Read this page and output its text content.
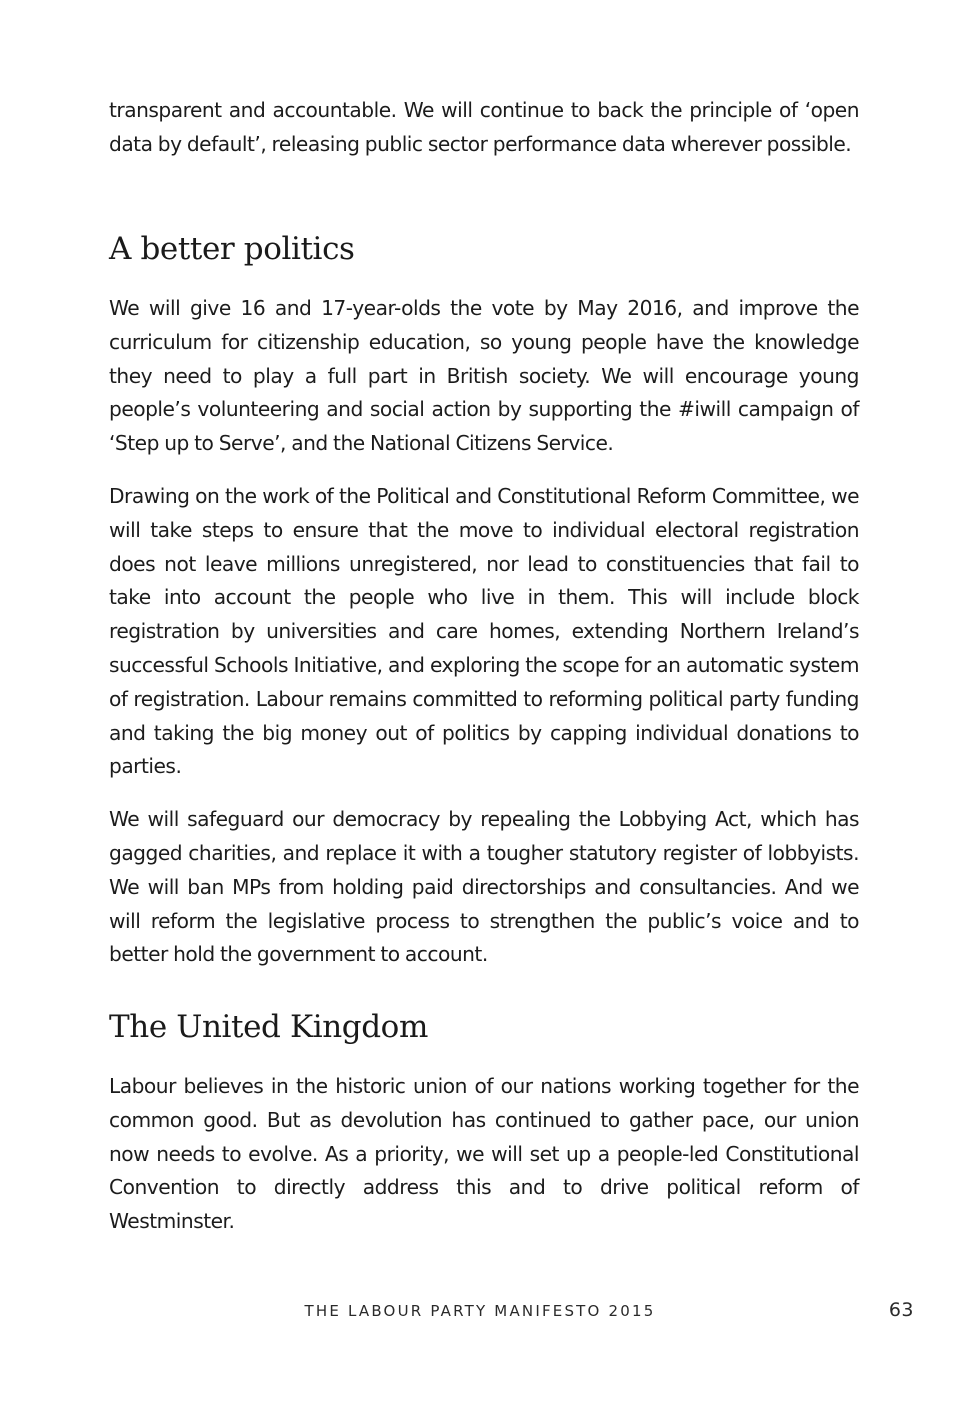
transparent and accountable. We will continue to back the principle of ‘open data by default’, releasing public sector performance data wherever possible.

A better politics

We will give 16 and 17-year-olds the vote by May 2016, and improve the curriculum for citizenship education, so young people have the knowledge they need to play a full part in British society. We will encourage young people’s volunteering and social action by supporting the #iwill campaign of ‘Step up to Serve’, and the National Citizens Service.

Drawing on the work of the Political and Constitutional Reform Committee, we will take steps to ensure that the move to individual electoral registration does not leave millions unregistered, nor lead to constituencies that fail to take into account the people who live in them. This will include block registration by universities and care homes, extending Northern Ireland’s successful Schools Initiative, and exploring the scope for an automatic system of registration. Labour remains committed to reforming political party funding and taking the big money out of politics by capping individual donations to parties.

We will safeguard our democracy by repealing the Lobbying Act, which has gagged charities, and replace it with a tougher statutory register of lobbyists. We will ban MPs from holding paid directorships and consultancies. And we will reform the legislative process to strengthen the public’s voice and to better hold the government to account.

The United Kingdom

Labour believes in the historic union of our nations working together for the common good. But as devolution has continued to gather pace, our union now needs to evolve. As a priority, we will set up a people-led Constitutional Convention to directly address this and to drive political reform of Westminster.

THE LABOUR PARTY MANIFESTO 2015	63
